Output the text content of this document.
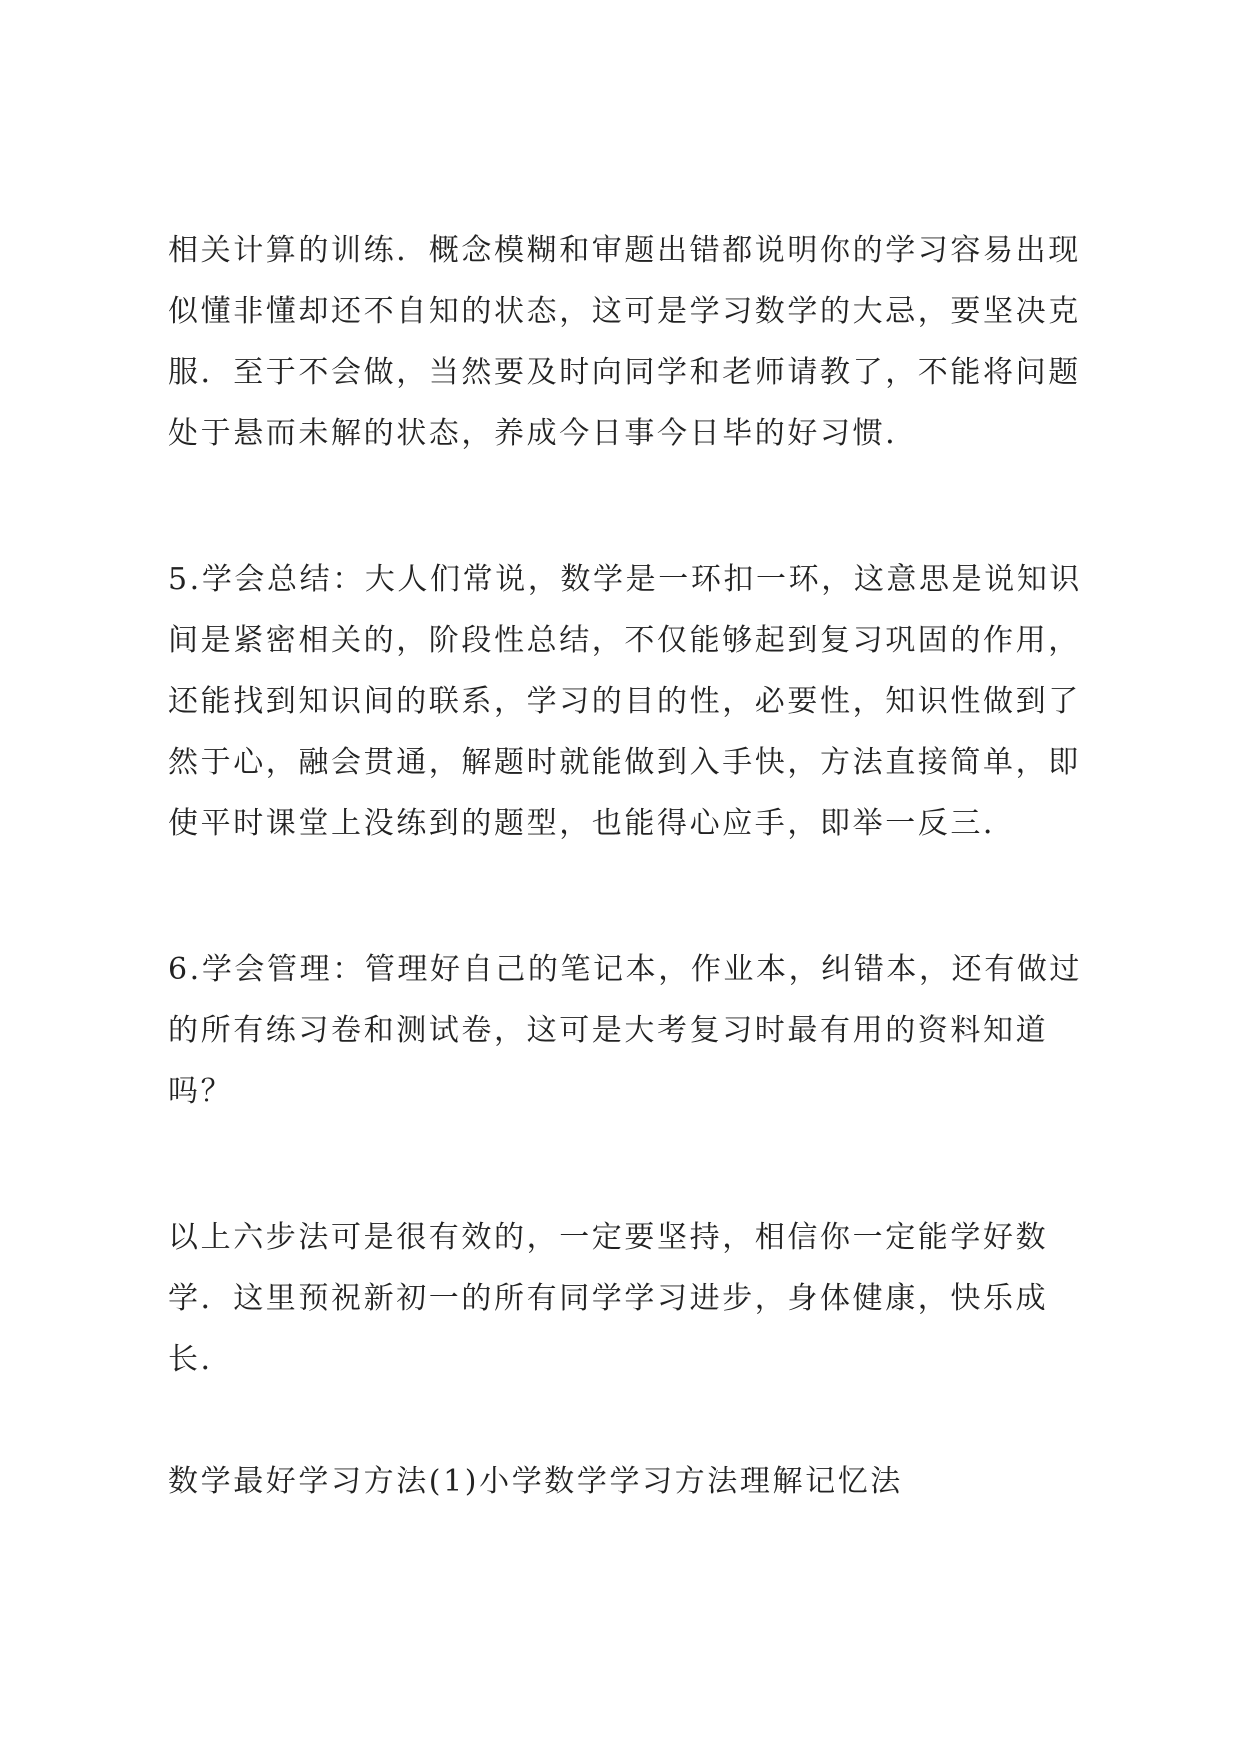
相关计算的训练．概念模糊和审题出错都说明你的学习容易出现
似懂非懂却还不自知的状态，这可是学习数学的大忌，要坚决克
服．至于不会做，当然要及时向同学和老师请教了，不能将问题
处于悬而未解的状态，养成今日事今日毕的好习惯．
5.学会总结：大人们常说，数学是一环扣一环，这意思是说知识
间是紧密相关的，阶段性总结，不仅能够起到复习巩固的作用，
还能找到知识间的联系，学习的目的性，必要性，知识性做到了
然于心，融会贯通，解题时就能做到入手快，方法直接简单，即
使平时课堂上没练到的题型，也能得心应手，即举一反三．
6.学会管理：管理好自己的笔记本，作业本，纠错本，还有做过
的所有练习卷和测试卷，这可是大考复习时最有用的资料知道
吗？
以上六步法可是很有效的，一定要坚持，相信你一定能学好数
学．这里预祝新初一的所有同学学习进步，身体健康，快乐成
长．
数学最好学习方法(1)小学数学学习方法理解记忆法
